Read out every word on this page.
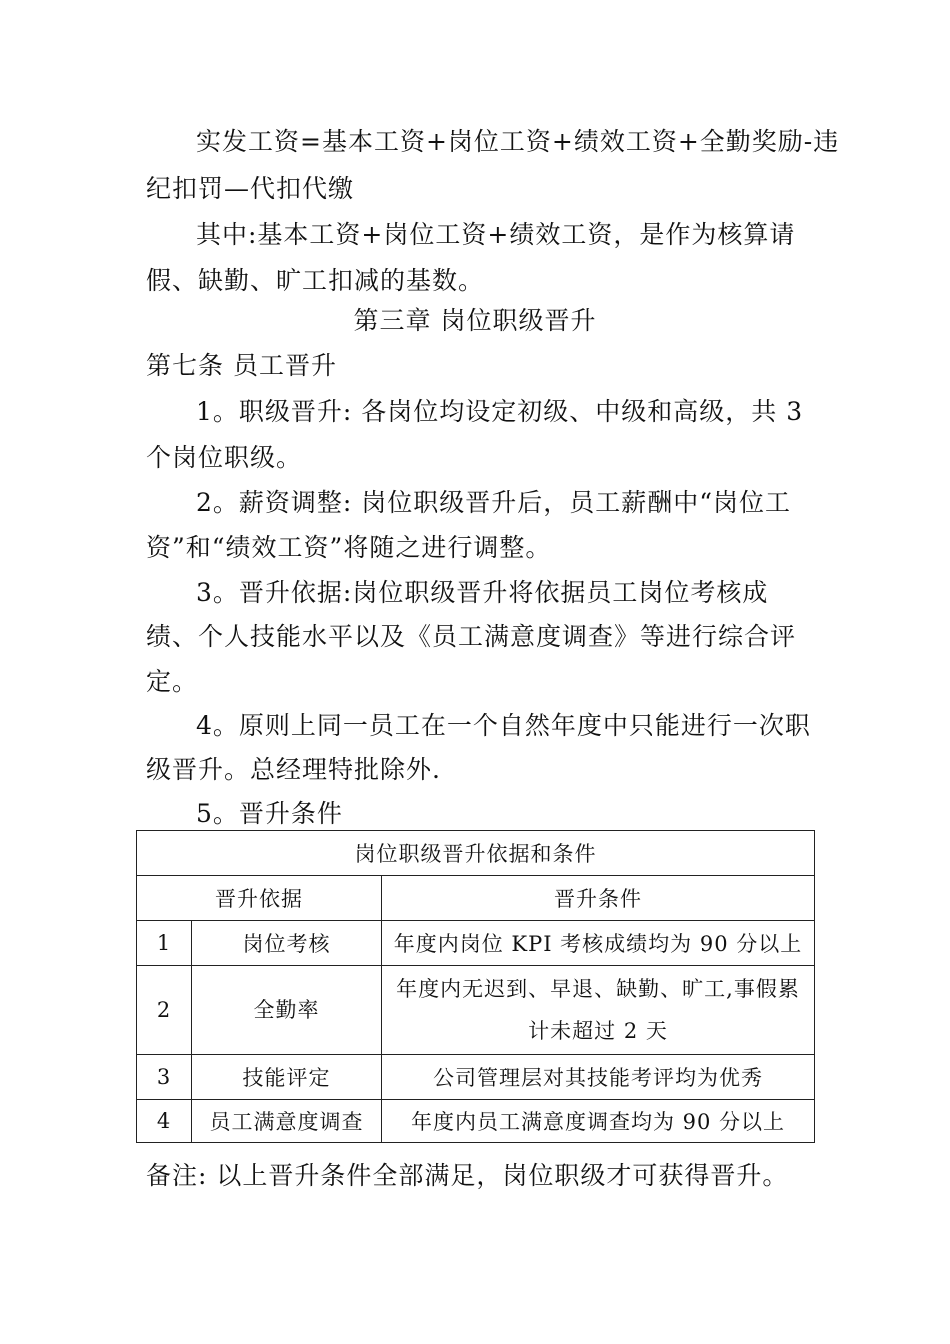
实发工资=基本工资+岗位工资+绩效工资+全勤奖励-违
纪扣罚—代扣代缴
其中:基本工资+岗位工资+绩效工资，是作为核算请
假、缺勤、旷工扣减的基数。
第三章 岗位职级晋升
第七条 员工晋升
1。职级晋升: 各岗位均设定初级、中级和高级，共 3
个岗位职级。
2。薪资调整: 岗位职级晋升后，员工薪酬中“岗位工
资”和“绩效工资”将随之进行调整。
3。晋升依据:岗位职级晋升将依据员工岗位考核成
绩、个人技能水平以及《员工满意度调查》等进行综合评
定。
4。原则上同一员工在一个自然年度中只能进行一次职
级晋升。总经理特批除外.
5。晋升条件
岗位职级晋升依据和条件		
晋升依据		晋升条件
1	岗位考核	年度内岗位 KPI 考核成绩均为 90 分以上
2	全勤率	年度内无迟到、早退、缺勤、旷工,事假累
计未超过 2 天

3	技能评定	公司管理层对其技能考评均为优秀
4	员工满意度调查	年度内员工满意度调查均为 90 分以上
备注: 以上晋升条件全部满足，岗位职级才可获得晋升。
